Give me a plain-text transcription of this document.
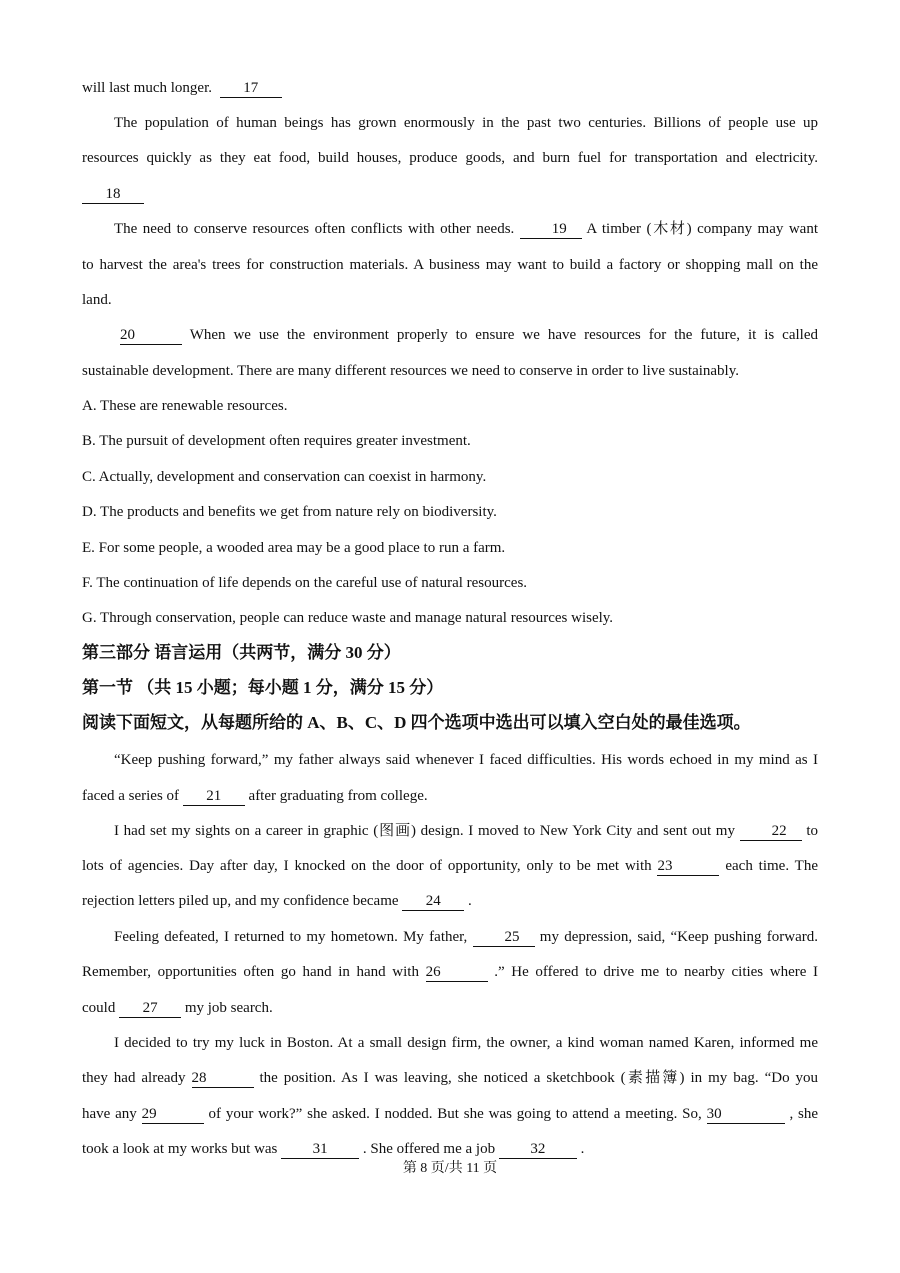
will last much longer. 17
The population of human beings has grown enormously in the past two centuries. Billions of people use up
resources quickly as they eat food, build houses, produce goods, and burn fuel for transportation and electricity.
18
The need to conserve resources often conflicts with other needs. 19 A timber (木材) company may want
to harvest the area's trees for construction materials. A business may want to build a factory or shopping mall on the
land.
20	When we use the environment properly to ensure we have resources for the future, it is called
sustainable development. There are many different resources we need to conserve in order to live sustainably.
A. These are renewable resources.
B. The pursuit of development often requires greater investment.
C. Actually, development and conservation can coexist in harmony.
D. The products and benefits we get from nature rely on biodiversity.
E. For some people, a wooded area may be a good place to run a farm.
F. The continuation of life depends on the careful use of natural resources.
G. Through conservation, people can reduce waste and manage natural resources wisely.
第三部分 语言运用（共两节，满分 30 分）
第一节 （共 15 小题；每小题 1 分，满分 15 分）
阅读下面短文，从每题所给的 A、B、C、D 四个选项中选出可以填入空白处的最佳选项。
“Keep pushing forward,” my father always said whenever I faced difficulties. His words echoed in my mind as I
faced a series of 21 after graduating from college.
I had set my sights on a career in graphic (图画) design. I moved to New York City and sent out my 22 to
lots of agencies. Day after day, I knocked on the door of opportunity, only to be met with 23	each time. The
rejection letters piled up, and my confidence became 24 .
Feeling defeated, I returned to my hometown. My father, 25 my depression, said, “Keep pushing forward.
Remember, opportunities often go hand in hand with 26	.” He offered to drive me to nearby cities where I
could 27 my job search.
I decided to try my luck in Boston. At a small design firm, the owner, a kind woman named Karen, informed me
they had already 28	the position. As I was leaving, she noticed a sketchbook (素描簿) in my bag. “Do you
have any 29	of your work?” she asked. I nodded. But she was going to attend a meeting. So, 30	, she
took a look at my works but was 31 . She offered me a job 32 .
第 8 页/共 11 页
